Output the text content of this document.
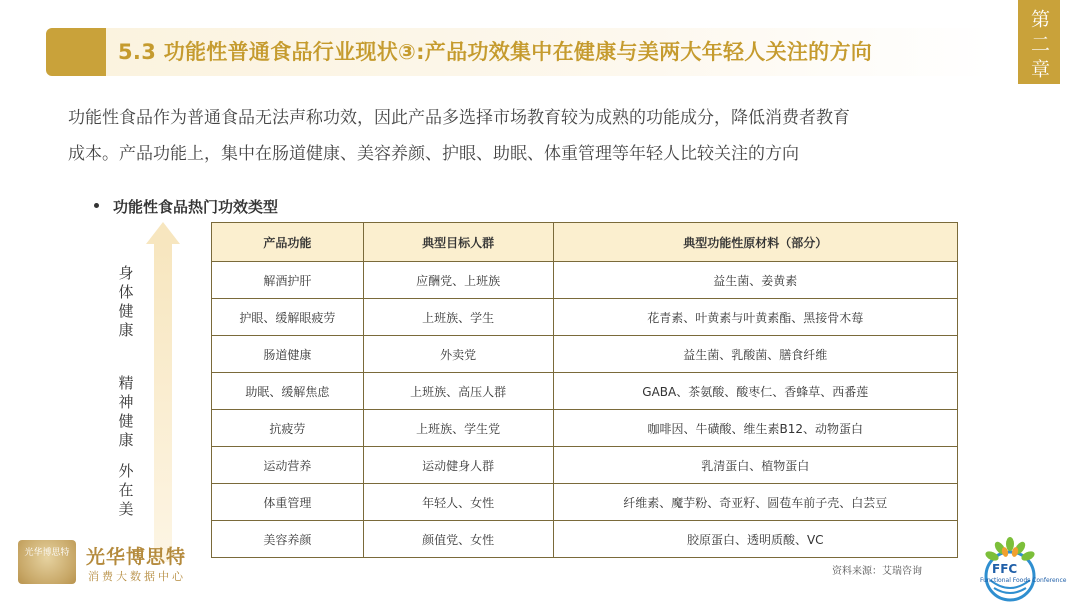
5.3 功能性普通食品行业现状③:产品功效集中在健康与美两大年轻人关注的方向	第二章
功能性食品作为普通食品无法声称功效，因此产品多选择市场教育较为成熟的功能成分，降低消费者教育
成本。产品功能上，集中在肠道健康、美容养颜、护眼、助眠、体重管理等年轻人比较关注的方向
功能性食品热门功效类型
身体健康
精神健康
外在美
产品功能	典型目标人群	典型功能性原材料（部分）
解酒护肝	应酬党、上班族	益生菌、姜黄素
护眼、缓解眼疲劳	上班族、学生	花青素、叶黄素与叶黄素酯、黑接骨木莓
肠道健康	外卖党	益生菌、乳酸菌、膳食纤维
助眠、缓解焦虑	上班族、高压人群	GABA、茶氨酸、酸枣仁、香蜂草、西番莲
抗疲劳	上班族、学生党	咖啡因、牛磺酸、维生素B12、动物蛋白
运动营养	运动健身人群	乳清蛋白、植物蛋白
体重管理	年轻人、女性	纤维素、魔芋粉、奇亚籽、圆苞车前子壳、白芸豆
美容养颜	颜值党、女性	胶原蛋白、透明质酸、VC
资料来源：艾瑞咨询
光华博思特 光华博思特
消费大数据中心
FFC
Functional Foods Conference
